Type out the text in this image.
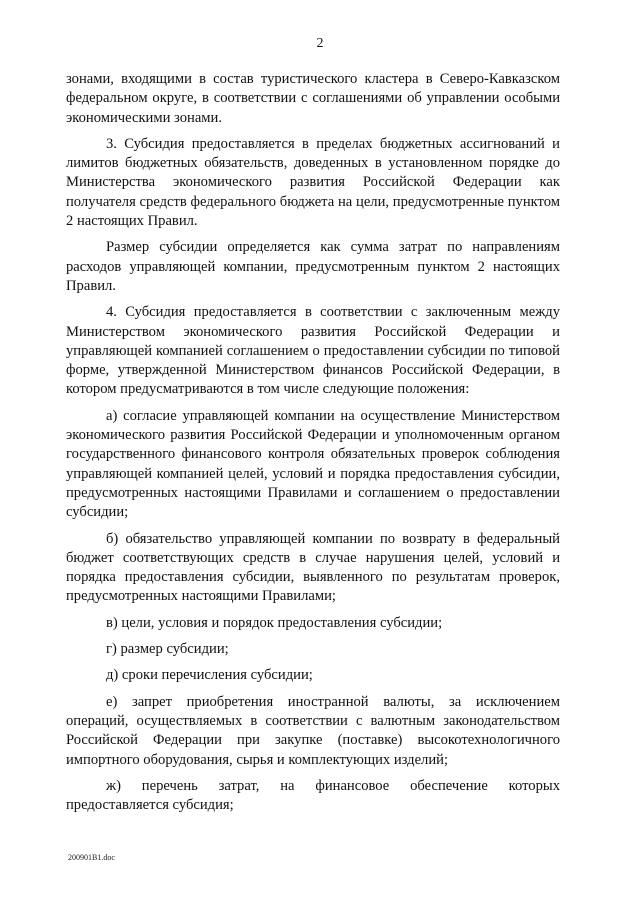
2

зонами, входящими в состав туристического кластера в Северо-Кавказском федеральном округе, в соответствии с соглашениями об управлении особыми экономическими зонами.

3. Субсидия предоставляется в пределах бюджетных ассигнований и лимитов бюджетных обязательств, доведенных в установленном порядке до Министерства экономического развития Российской Федерации как получателя средств федерального бюджета на цели, предусмотренные пунктом 2 настоящих Правил.

Размер субсидии определяется как сумма затрат по направлениям расходов управляющей компании, предусмотренным пунктом 2 настоящих Правил.

4. Субсидия предоставляется в соответствии с заключенным между Министерством экономического развития Российской Федерации и управляющей компанией соглашением о предоставлении субсидии по типовой форме, утвержденной Министерством финансов Российской Федерации, в котором предусматриваются в том числе следующие положения:

а) согласие управляющей компании на осуществление Министерством экономического развития Российской Федерации и уполномоченным органом государственного финансового контроля обязательных проверок соблюдения управляющей компанией целей, условий и порядка предоставления субсидии, предусмотренных настоящими Правилами и соглашением о предоставлении субсидии;

б) обязательство управляющей компании по возврату в федеральный бюджет соответствующих средств в случае нарушения целей, условий и порядка предоставления субсидии, выявленного по результатам проверок, предусмотренных настоящими Правилами;

в) цели, условия и порядок предоставления субсидии;

г) размер субсидии;

д) сроки перечисления субсидии;

е) запрет приобретения иностранной валюты, за исключением операций, осуществляемых в соответствии с валютным законодательством Российской Федерации при закупке (поставке) высокотехнологичного импортного оборудования, сырья и комплектующих изделий;

ж) перечень затрат, на финансовое обеспечение которых предоставляется субсидия;

200901B1.doc
